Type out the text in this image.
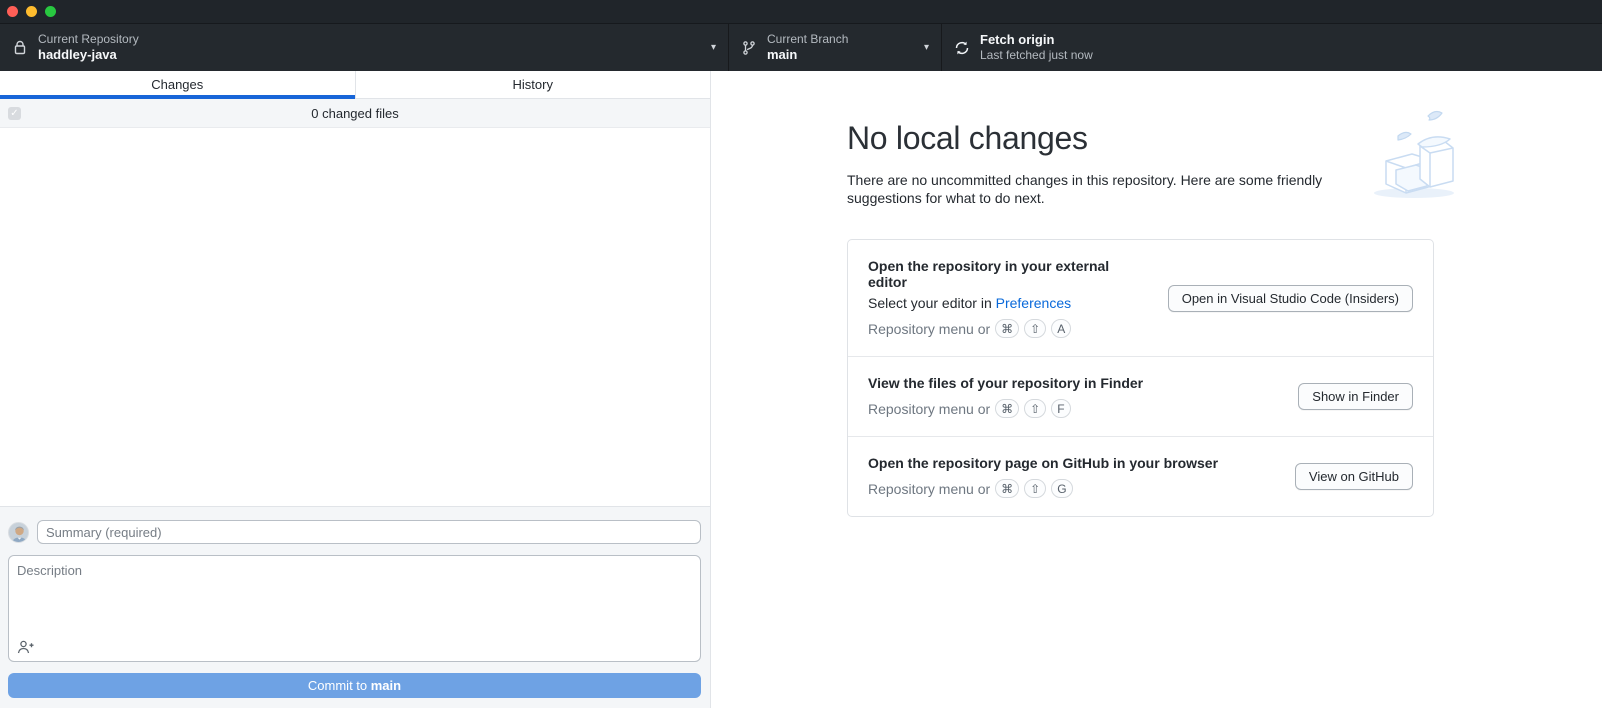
Current Repository
haddley-java	▾
Current Branch
main	▾
Fetch origin
Last fetched just now
Changes	History
✓	0 changed files
Summary (required)
Description
Commit to main
No local changes

There are no uncommitted changes in this repository. Here are some friendly suggestions for what to do next.

Open the repository in your external editor
Select your editor in Preferences
Repository menu or ⌘	⇧	A
Open in Visual Studio Code (Insiders)
View the files of your repository in Finder
Repository menu or ⌘	⇧	F
Show in Finder
Open the repository page on GitHub in your browser
Repository menu or ⌘	⇧	G
View on GitHub
